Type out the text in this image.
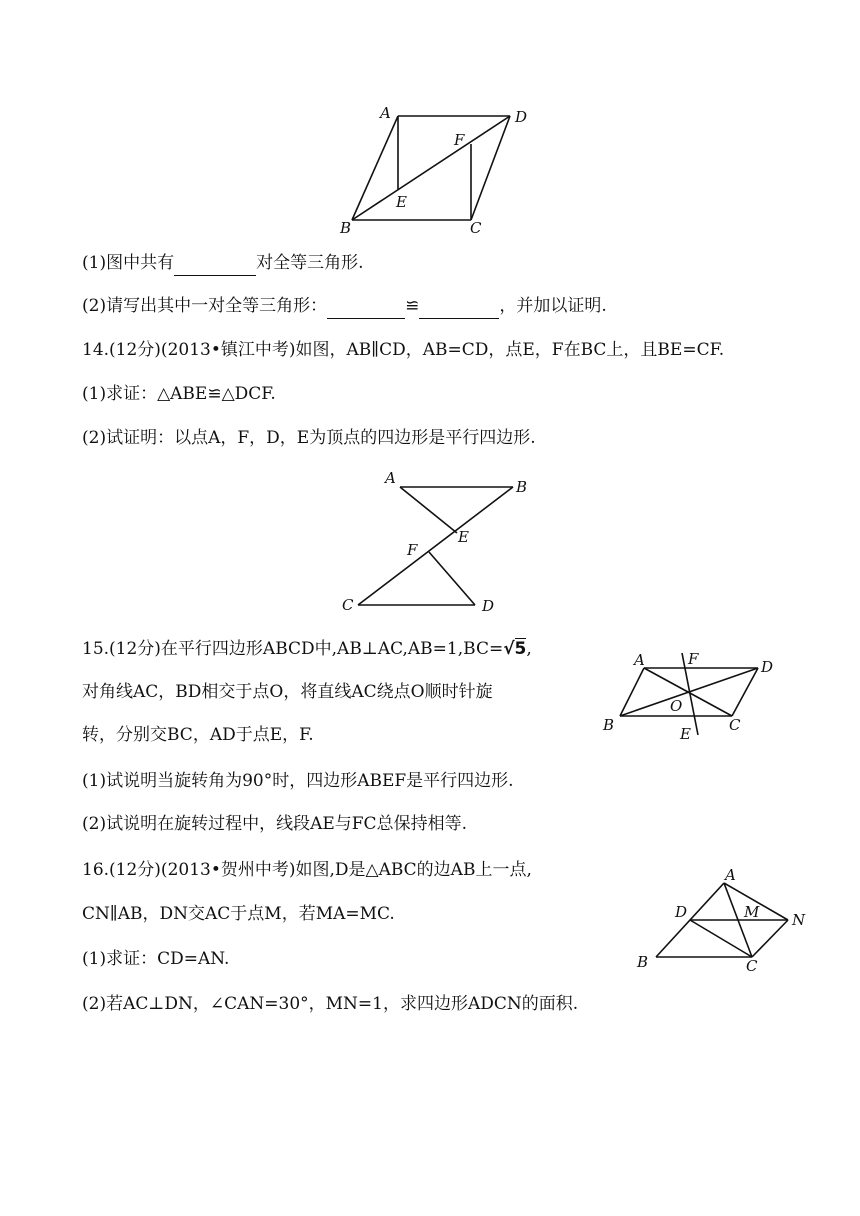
A	D
F
E
B	C
(1)图中共有	对全等三角形.
(2)请写出其中一对全等三角形：	≌	，并加以证明.
14.(12分)(2013•镇江中考)如图，AB∥CD，AB=CD，点E，F在BC上，且BE=CF.
(1)求证：△ABE≌△DCF.
(2)试证明：以点A，F，D，E为顶点的四边形是平行四边形.
A	B
E
F
C	D
15.(12分)在平行四边形ABCD中,AB⊥AC,AB=1,BC=√5,
对角线AC，BD相交于点O，将直线AC绕点O顺时针旋
转，分别交BC，AD于点E，F.
(1)试说明当旋转角为90°时，四边形ABEF是平行四边形.
(2)试说明在旋转过程中，线段AE与FC总保持相等.
A	F	D
O
B	E	C
16.(12分)(2013•贺州中考)如图,D是△ABC的边AB上一点,
CN∥AB，DN交AC于点M，若MA=MC.
(1)求证：CD=AN.
(2)若AC⊥DN，∠CAN=30°，MN=1，求四边形ADCN的面积.
A
D	M N
B	C
